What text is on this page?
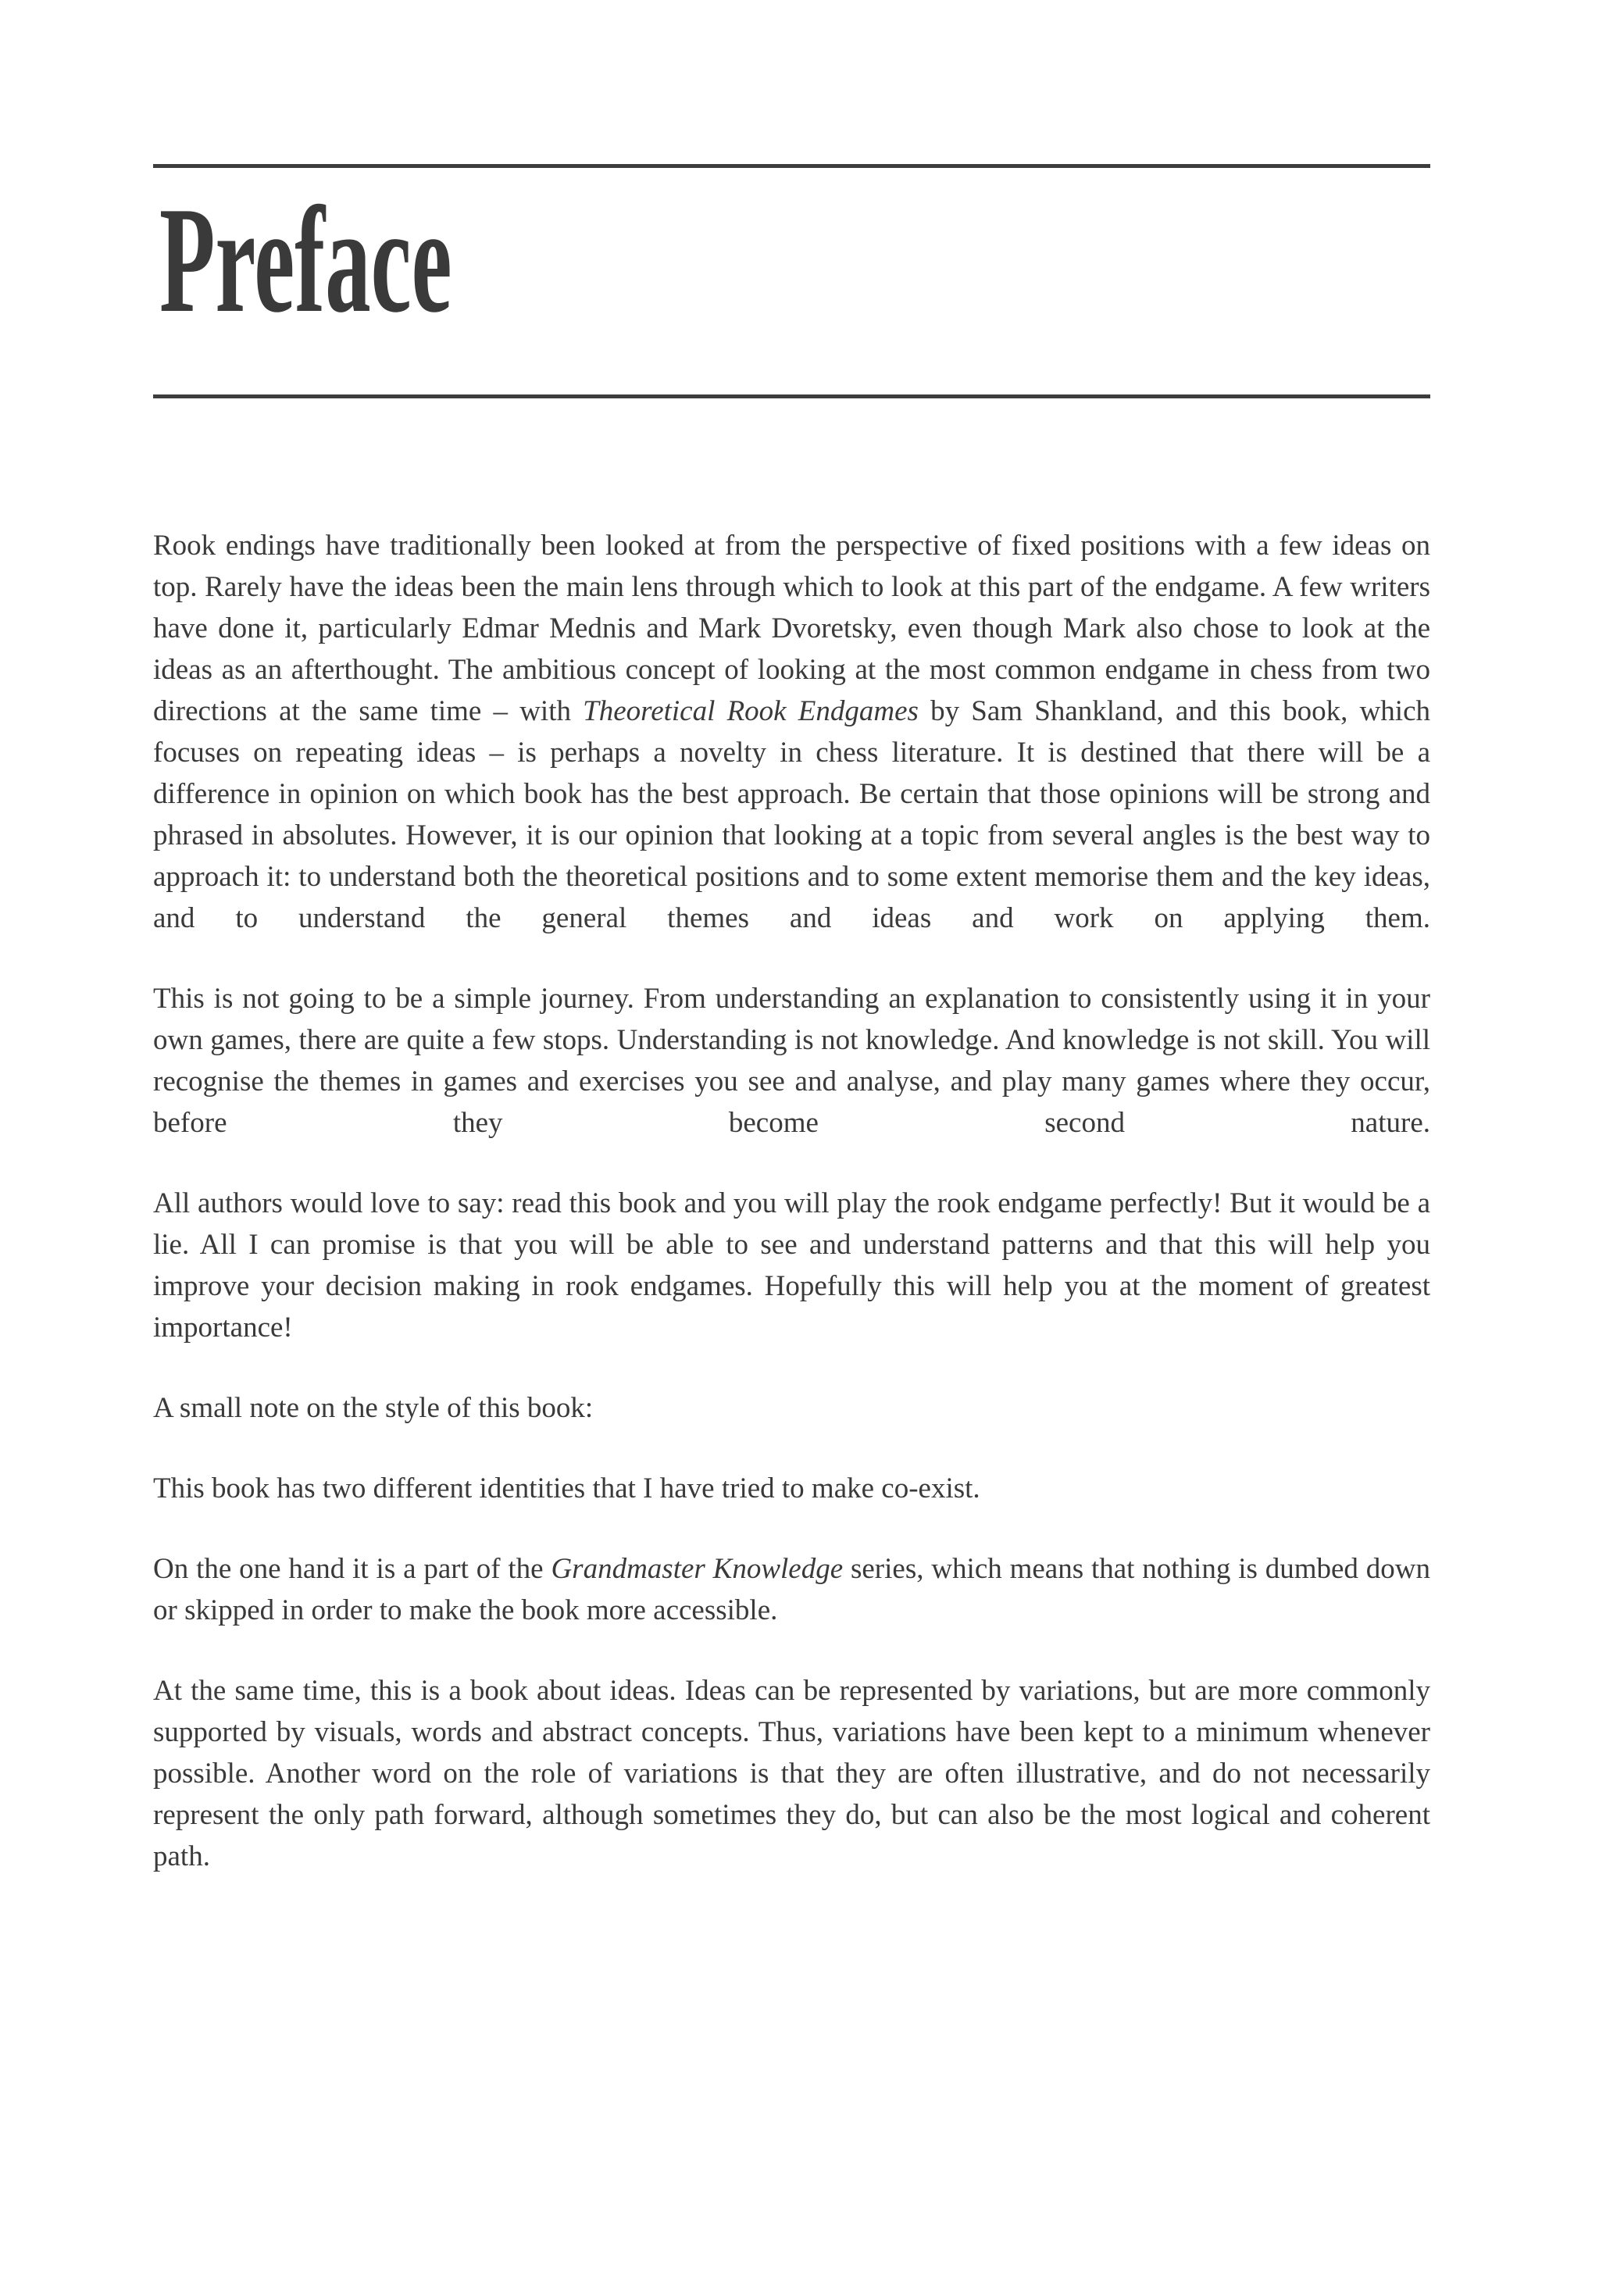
Preface

Rook endings have traditionally been looked at from the perspective of fixed positions with a few ideas on top. Rarely have the ideas been the main lens through which to look at this part of the endgame. A few writers have done it, particularly Edmar Mednis and Mark Dvoretsky, even though Mark also chose to look at the ideas as an afterthought. The ambitious concept of looking at the most common endgame in chess from two directions at the same time – with Theoretical Rook Endgames by Sam Shankland, and this book, which focuses on repeating ideas – is perhaps a novelty in chess literature. It is destined that there will be a difference in opinion on which book has the best approach. Be certain that those opinions will be strong and phrased in absolutes. However, it is our opinion that looking at a topic from several angles is the best way to approach it: to understand both the theoretical positions and to some extent memorise them and the key ideas, and to understand the general themes and ideas and work on applying them.

This is not going to be a simple journey. From understanding an explanation to consistently using it in your own games, there are quite a few stops. Understanding is not knowledge. And knowledge is not skill. You will recognise the themes in games and exercises you see and analyse, and play many games where they occur, before they become second nature.

All authors would love to say: read this book and you will play the rook endgame perfectly! But it would be a lie. All I can promise is that you will be able to see and understand patterns and that this will help you improve your decision making in rook endgames. Hopefully this will help you at the moment of greatest importance!

A small note on the style of this book:

This book has two different identities that I have tried to make co-exist.

On the one hand it is a part of the Grandmaster Knowledge series, which means that nothing is dumbed down or skipped in order to make the book more accessible.

At the same time, this is a book about ideas. Ideas can be represented by variations, but are more commonly supported by visuals, words and abstract concepts. Thus, variations have been kept to a minimum whenever possible. Another word on the role of variations is that they are often illustrative, and do not necessarily represent the only path forward, although sometimes they do, but can also be the most logical and coherent path.
